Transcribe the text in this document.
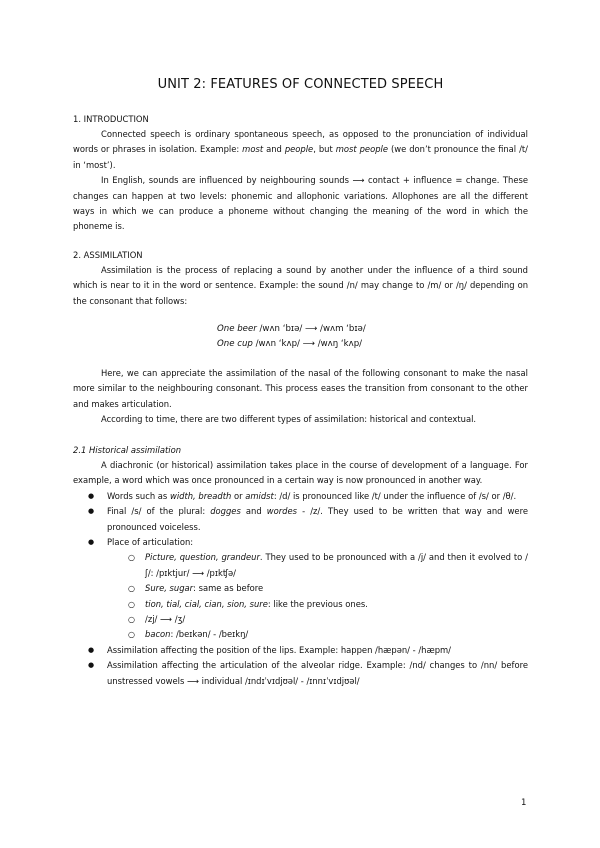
UNIT 2: FEATURES OF CONNECTED SPEECH

1. INTRODUCTION

Connected speech is ordinary spontaneous speech, as opposed to the pronunciation of individual words or phrases in isolation. Example: most and people, but most people (we don’t pronounce the final /t/ in ‘most’).

In English, sounds are influenced by neighbouring sounds ⟶ contact + influence = change. These changes can happen at two levels: phonemic and allophonic variations. Allophones are all the different ways in which we can produce a phoneme without changing the meaning of the word in which the phoneme is.

2. ASSIMILATION

Assimilation is the process of replacing a sound by another under the influence of a third sound which is near to it in the word or sentence. Example: the sound /n/ may change to /m/ or /ŋ/ depending on the consonant that follows:

One beer /wʌn ‘bɪə/ ⟶ /wʌm ‘bɪə/
One cup /wʌn ‘kʌp/ ⟶ /wʌŋ ‘kʌp/

Here, we can appreciate the assimilation of the nasal of the following consonant to make the nasal more similar to the neighbouring consonant. This process eases the transition from consonant to the other and makes articulation.

According to time, there are two different types of assimilation: historical and contextual.

2.1 Historical assimilation

A diachronic (or historical) assimilation takes place in the course of development of a language. For example, a word which was once pronounced in a certain way is now pronounced in another way.

● Words such as width, breadth or amidst: /d/ is pronounced like /t/ under the influence of /s/ or /θ/.
● Final /s/ of the plural: dogges and wordes - /z/. They used to be written that way and were pronounced voiceless.
● Place of articulation:
○ Picture, question, grandeur. They used to be pronounced with a /j/ and then it evolved to /ʃ/: /pɪktjur/ ⟶ /pɪkʧə/
○ Sure, sugar: same as before
○ tion, tial, cial, cian, sion, sure: like the previous ones.
○ /zj/ ⟶ /ʒ/
○ bacon: /beɪkən/ - /beɪkŋ/
● Assimilation affecting the position of the lips. Example: happen /hæpən/ - /hæpm/
● Assimilation affecting the articulation of the alveolar ridge. Example: /nd/ changes to /nn/ before unstressed vowels ⟶ individual /ɪndɪˈvɪdjʊəl/ - /ɪnnɪˈvɪdjʊəl/
1
